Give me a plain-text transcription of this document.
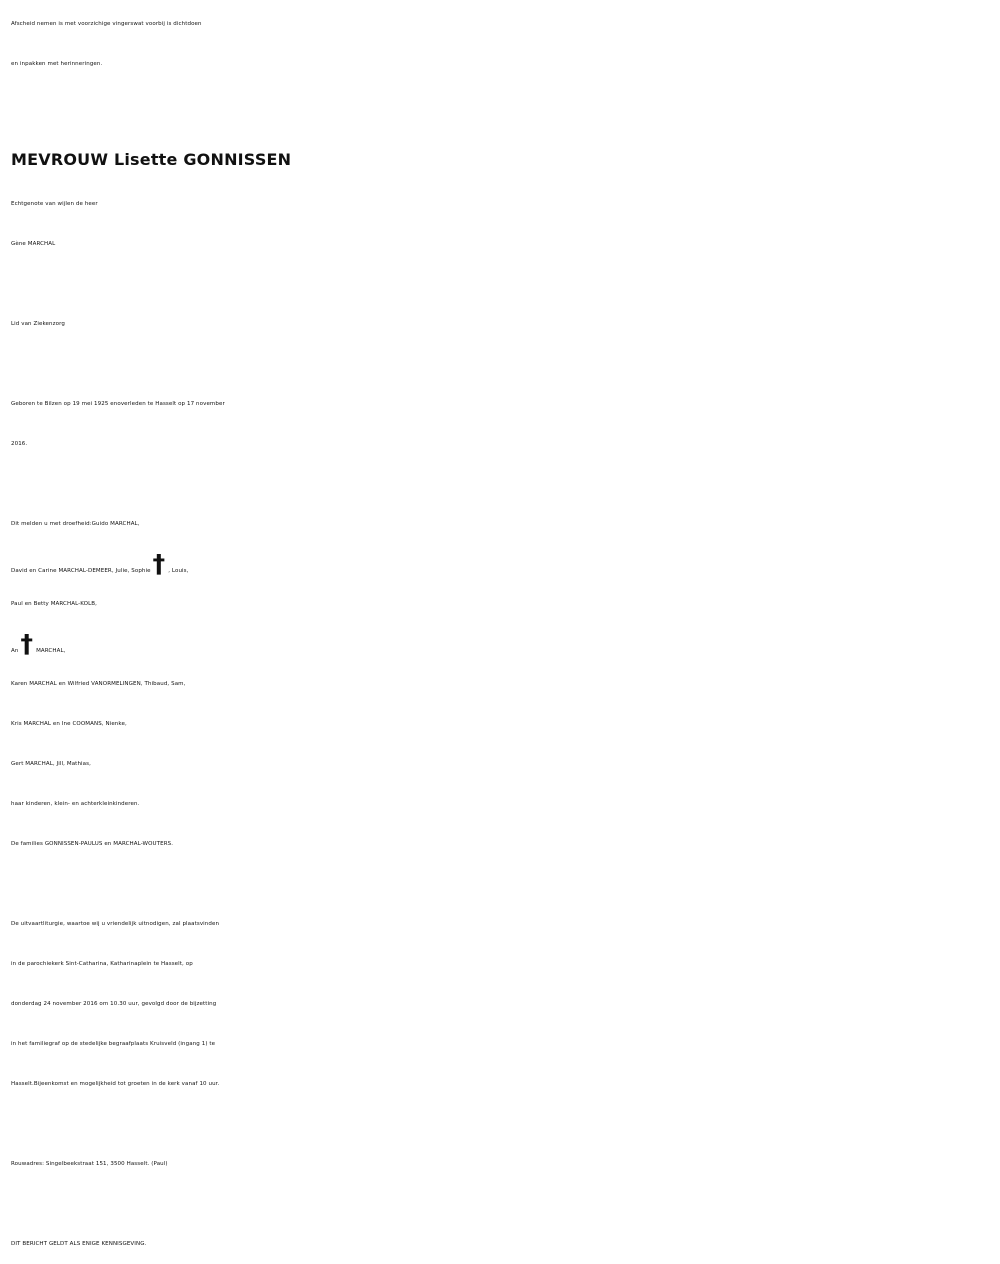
Afscheid nemen is met voorzichige vingerswat voorbij is dichtdoen
en inpakken met herinneringen.
MEVROUW Lisette GONNISSEN
Echtgenote van wijlen de heer
Gène MARCHAL
Lid van Ziekenzorg
Geboren te Bilzen op 19 mei 1925 enoverleden te Hasselt op 17 november
2016.
Dit melden u met droefheid:Guido MARCHAL,
David en Carine MARCHAL-DEMEER, Julie, Sophie† , Louis,
Paul en Betty MARCHAL-KOLB,
An† MARCHAL,
Karen MARCHAL en Wilfried VANORMELINGEN, Thibaud, Sam,
Kris MARCHAL en Ine COOMANS, Nienke,
Gert MARCHAL, Jill, Mathias,
haar kinderen, klein- en achterkleinkinderen.
De families GONNISSEN-PAULUS en MARCHAL-WOUTERS.
De uitvaartliturgie, waartoe wij u vriendelijk uitnodigen, zal plaatsvinden
in de parochiekerk Sint-Catharina, Katharinaplein te Hasselt, op
donderdag 24 november 2016 om 10.30 uur, gevolgd door de bijzetting
in het familiegraf op de stedelijke begraafplaats Kruisveld (ingang 1) te
Hasselt.Bijeenkomst en mogelijkheid tot groeten in de kerk vanaf 10 uur.
Rouwadres: Singelbeekstraat 151, 3500 Hasselt. (Paul)
DIT BERICHT GELDT ALS ENIGE KENNISGEVING.
